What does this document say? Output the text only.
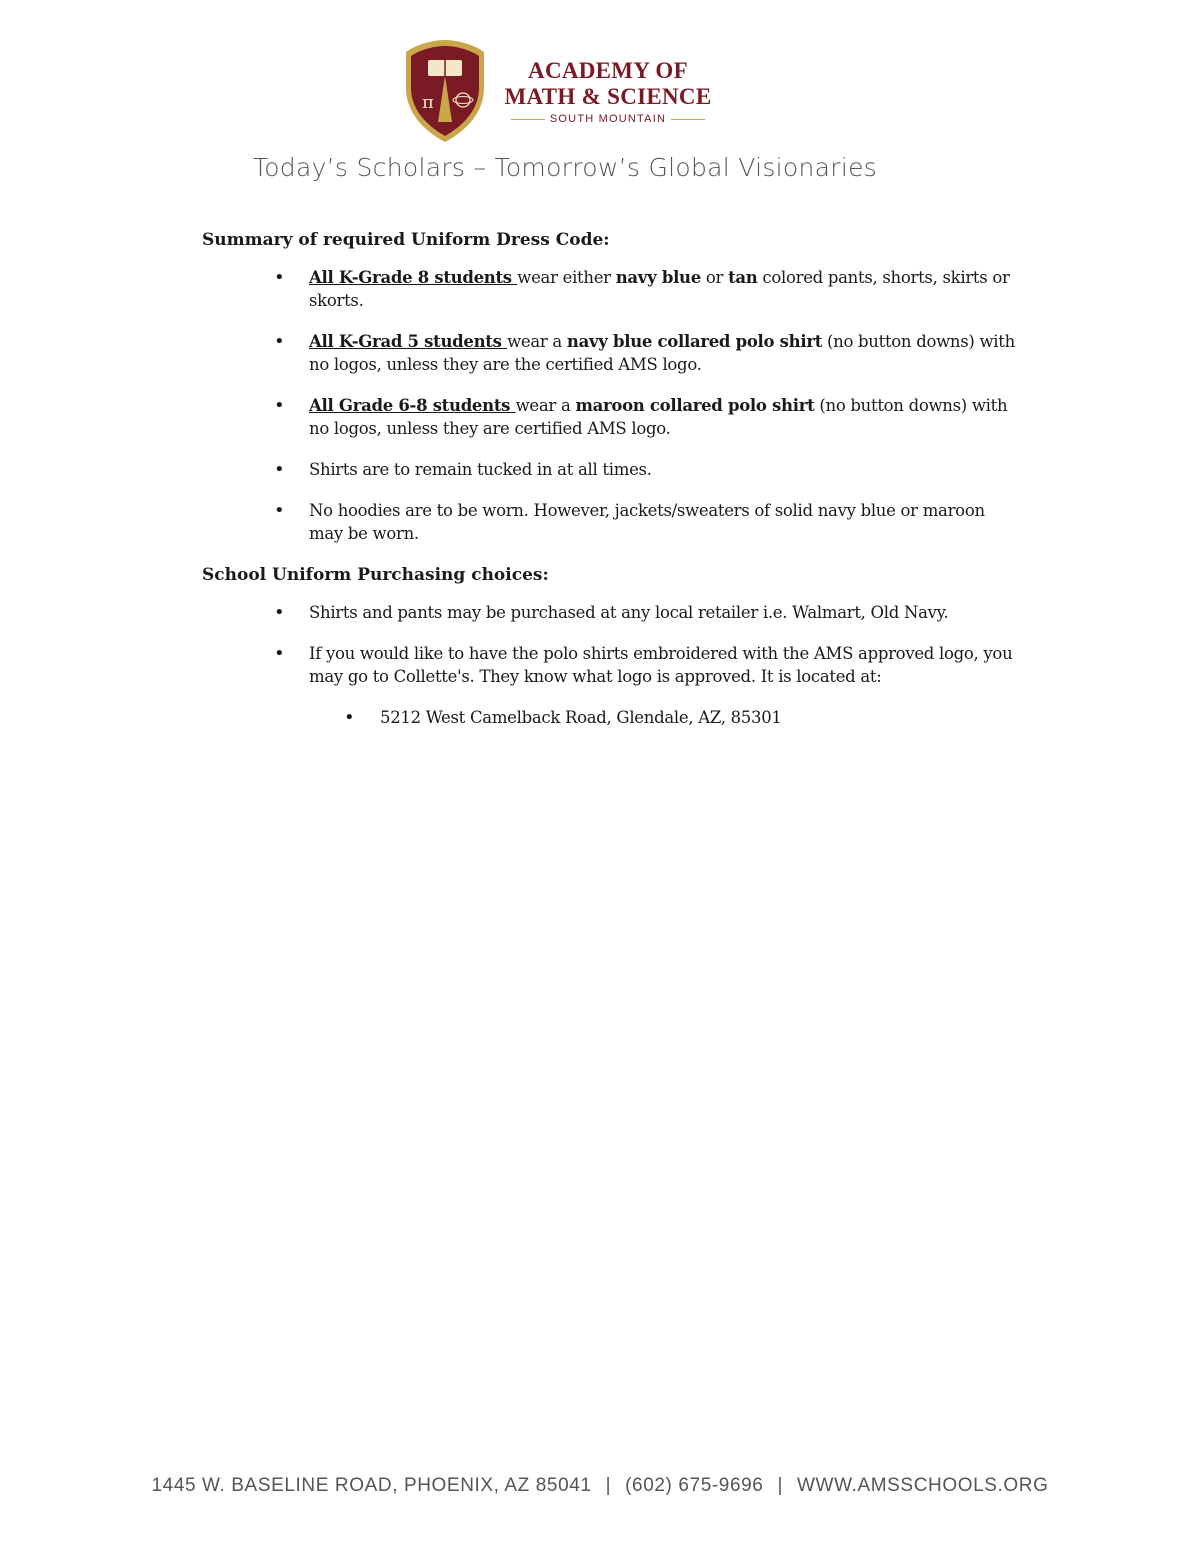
π
ACADEMY OF
MATH & SCIENCE
SOUTH MOUNTAIN
Today’s Scholars – Tomorrow’s Global Visionaries

Summary of required Uniform Dress Code:

• All K-Grade 8 students wear either navy blue or tan colored pants, shorts, skirts or skorts.
• All K-Grad 5 students wear a navy blue collared polo shirt (no button downs) with no logos, unless they are the certified AMS logo.
• All Grade 6-8 students wear a maroon collared polo shirt (no button downs) with no logos, unless they are certified AMS logo.
• Shirts are to remain tucked in at all times.
• No hoodies are to be worn. However, jackets/sweaters of solid navy blue or maroon may be worn.

School Uniform Purchasing choices:

• Shirts and pants may be purchased at any local retailer i.e. Walmart, Old Navy.
• If you would like to have the polo shirts embroidered with the AMS approved logo, you may go to Collette's. They know what logo is approved. It is located at:
• 5212 West Camelback Road, Glendale, AZ, 85301
1445 W. BASELINE ROAD, PHOENIX, AZ 85041 | (602) 675-9696 | WWW.AMSSCHOOLS.ORG
